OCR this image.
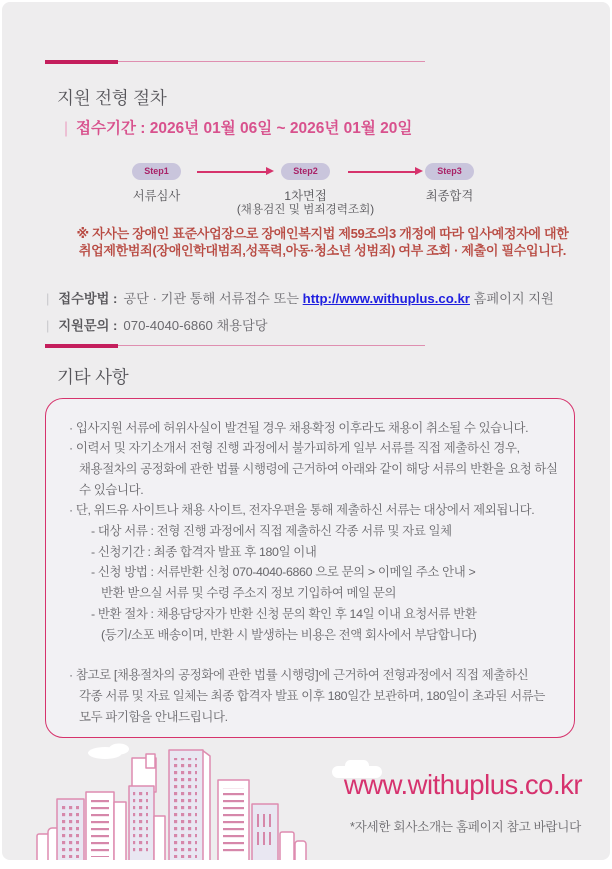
지원 전형 절차
| 접수기간 : 2026년 01월 06일 ~ 2026년 01월 20일
Step1	Step2	Step3
서류심사	1차면접
(채용검진 및 범죄경력조회)
최종합격
※ 자사는 장애인 표준사업장으로 장애인복지법 제59조의3 개정에 따라 입사예정자에 대한
취업제한범죄(장애인학대범죄,성폭력,아동·청소년 성범죄) 여부 조회 · 제출이 필수입니다.
| 접수방법 : 공단 · 기관 통해 서류접수 또는 http://www.withuplus.co.kr 홈페이지 지원
| 지원문의 : 070-4040-6860 채용담당
기타 사항
· 입사지원 서류에 허위사실이 발견될 경우 채용확정 이후라도 채용이 취소될 수 있습니다.
· 이력서 및 자기소개서 전형 진행 과정에서 불가피하게 일부 서류를 직접 제출하신 경우,
채용절차의 공정화에 관한 법률 시행령에 근거하여 아래와 같이 해당 서류의 반환을 요청 하실
수 있습니다.
· 단, 위드유 사이트나 채용 사이트, 전자우편을 통해 제출하신 서류는 대상에서 제외됩니다.
- 대상 서류 : 전형 진행 과정에서 직접 제출하신 각종 서류 및 자료 일체
- 신청기간 : 최종 합격자 발표 후 180일 이내
- 신청 방법 : 서류반환 신청 070-4040-6860 으로 문의 > 이메일 주소 안내 >
반환 받으실 서류 및 수령 주소지 정보 기입하여 메일 문의
- 반환 절차 : 채용담당자가 반환 신청 문의 확인 후 14일 이내 요청서류 반환
(등기/소포 배송이며, 반환 시 발생하는 비용은 전액 회사에서 부담합니다)
· 참고로 [채용절차의 공정화에 관한 법률 시행령]에 근거하여 전형과정에서 직접 제출하신
각종 서류 및 자료 일체는 최종 합격자 발표 이후 180일간 보관하며, 180일이 초과된 서류는
모두 파기함을 안내드립니다.
www.withuplus.co.kr
*자세한 회사소개는 홈페이지 참고 바랍니다
